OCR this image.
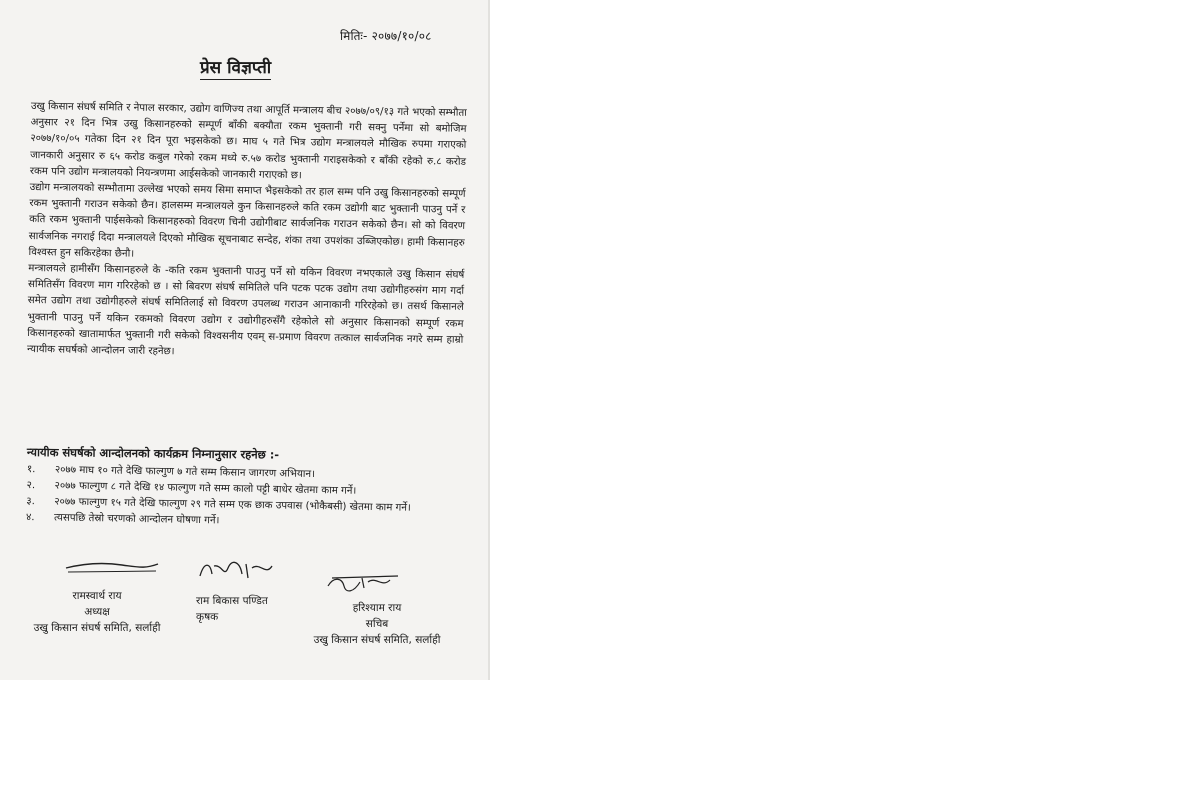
मितिः- २०७७/१०/०८
प्रेस विज्ञप्ती

उखु किसान संघर्ष समिति र नेपाल सरकार, उद्योग वाणिज्य तथा आपूर्ति मन्त्रालय बीच २०७७/०९/१३ गते भएको सम्भौता अनुसार २१ दिन भित्र उखु किसानहरुको सम्पूर्ण बाँकी बक्यौता रकम भुक्तानी गरी सक्नु पर्नेमा सो बमोजिम २०७७/१०/०५ गतेका दिन २१ दिन पूरा भइसकेको छ। माघ ५ गते भित्र उद्योग मन्त्रालयले मौखिक रुपमा गराएको जानकारी अनुसार रु ६५ करोड कबुल गरेको रकम मध्ये रु.५७ करोड भुक्तानी गराइसकेको र बाँकी रहेको रु.८ करोड रकम पनि उद्योग मन्त्रालयको नियन्त्रणमा आईसकेको जानकारी गराएको छ।

उद्योग मन्त्रालयको सम्भौतामा उल्लेख भएको समय सिमा समाप्त भैइसकेको तर हाल सम्म पनि उखु किसानहरुको सम्पूर्ण रकम भुक्तानी गराउन सकेको छैन। हालसम्म मन्त्रालयले कुन किसानहरुले कति रकम उद्योगी बाट भुक्तानी पाउनु पर्ने र कति रकम भुक्तानी पाईसकेको किसानहरुको विवरण चिनी उद्योगीबाट सार्वजनिक गराउन सकेको छैन। सो को विवरण सार्वजनिक नगराई दिदा मन्त्रालयले दिएको मौखिक सूचनाबाट सन्देह, शंका तथा उपशंका उब्जिएकोछ। हामी किसानहरु विश्वस्त हुन सकिरहेका छैनौ।

मन्त्रालयले हामीसँग किसानहरुले के -कति रकम भुक्तानी पाउनु पर्ने सो यकिन विवरण नभएकाले उखु किसान संघर्ष समितिसँग विवरण माग गरिरहेको छ । सो बिवरण संघर्ष समितिले पनि पटक पटक उद्योग तथा उद्योगीहरुसंग माग गर्दा समेत उद्योग तथा उद्योगीहरुले संघर्ष समितिलाई सो विवरण उपलब्ध गराउन आनाकानी गरिरहेको छ। तसर्थ किसानले भुक्तानी पाउनु पर्ने यकिन रकमको विवरण उद्योग र उद्योगीहरुसँगै रहेकोले सो अनुसार किसानको सम्पूर्ण रकम किसानहरुको खातामार्फत भुक्तानी गरी सकेको विश्वसनीय एवम् स-प्रमाण विवरण तत्काल सार्वजनिक नगरे सम्म हाम्रो न्यायीक सघर्षको आन्दोलन जारी रहनेछ।

न्यायीक संघर्षको आन्दोलनको कार्यक्रम निम्नानुसार रहनेछ :-
१.	२०७७ माघ १० गते देखि फाल्गुण ७ गते सम्म किसान जागरण अभियान।
२.	२०७७ फाल्गुण ८ गते देखि १४ फाल्गुण गते सम्म कालो पट्टी बाधेर खेतमा काम गर्ने।
३.	२०७७ फाल्गुण १५ गते देखि फाल्गुण २९ गते सम्म एक छाक उपवास (भोकैबसी) खेतमा काम गर्ने।
४.	त्यसपछि तेस्रो चरणको आन्दोलन घोषणा गर्ने।
रामस्वार्थ राय
अध्यक्ष
उखु किसान संघर्ष समिति, सर्लाही
राम बिकास पण्डित
कृषक
हरिश्याम राय
सचिब
उखु किसान संघर्ष समिति, सर्लाही
